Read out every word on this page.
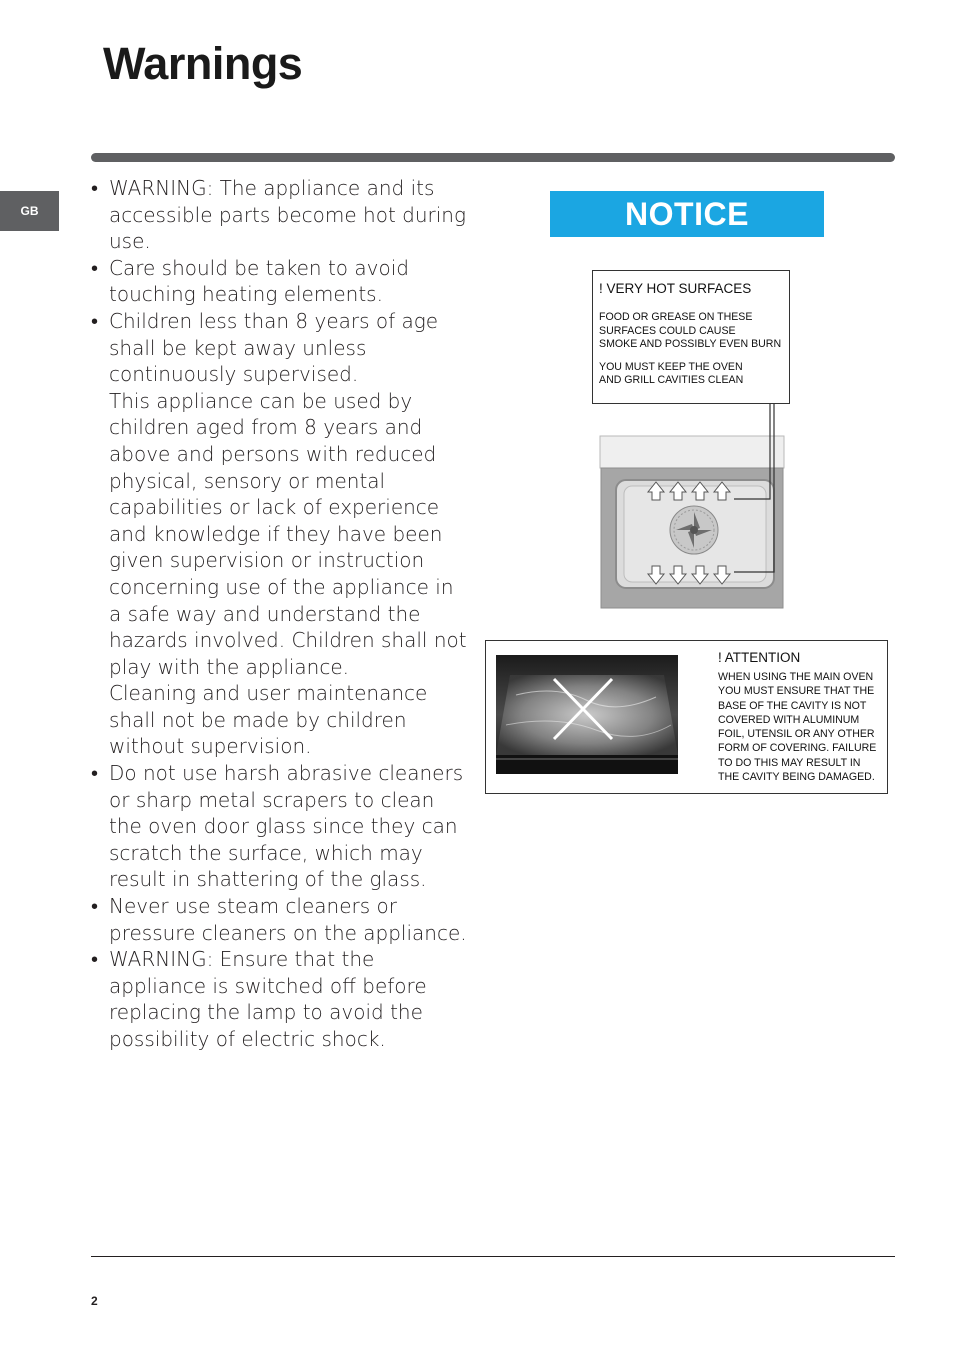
Warnings
GB
• WARNING: The appliance and its accessible parts become hot during use.

• Care should be taken to avoid touching heating elements.

• Children less than 8 years of age shall be kept away unless continuously supervised.

This appliance can be used by children aged from 8 years and above and persons with reduced physical, sensory or mental capabilities or lack of experience and knowledge if they have been given supervision or instruction concerning use of the appliance in a safe way and understand the hazards involved. Children shall not play with the appliance.

Cleaning and user maintenance shall not be made by children without supervision.

• Do not use harsh abrasive cleaners or sharp metal scrapers to clean the oven door glass since they can scratch the surface, which may result in shattering of the glass.

• Never use steam cleaners or pressure cleaners on the appliance.

• WARNING: Ensure that the appliance is switched off before replacing the lamp to avoid the possibility of electric shock.

NOTICE
! VERY HOT SURFACES
FOOD OR GREASE ON THESE
SURFACES COULD CAUSE
SMOKE AND POSSIBLY EVEN BURN
YOU MUST KEEP THE OVEN
AND GRILL CAVITIES CLEAN
! ATTENTION
WHEN USING THE MAIN OVEN
YOU MUST ENSURE THAT THE
BASE OF THE CAVITY IS NOT
COVERED WITH ALUMINUM
FOIL, UTENSIL OR ANY OTHER
FORM OF COVERING. FAILURE
TO DO THIS MAY RESULT IN
THE CAVITY BEING DAMAGED.
2
